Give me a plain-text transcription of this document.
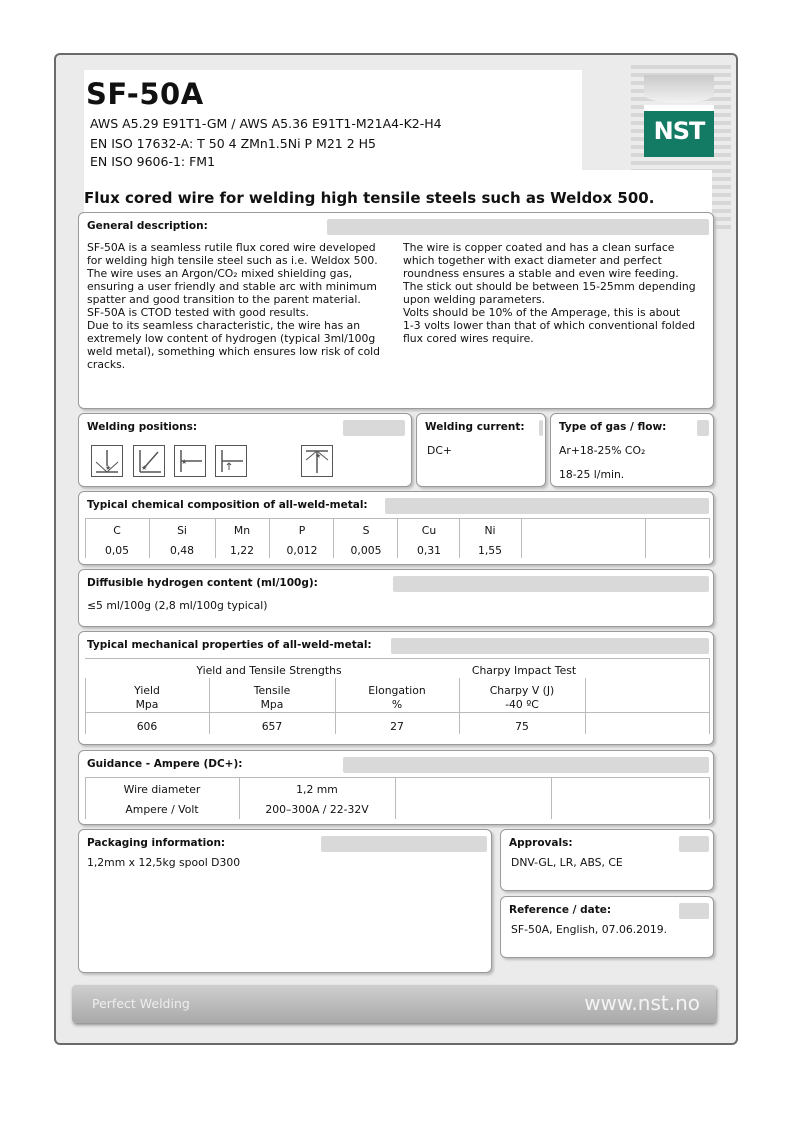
SF-50A
AWS A5.29 E91T1-GM / AWS A5.36 E91T1-M21A4-K2-H4
EN ISO 17632-A: T 50 4 ZMn1.5Ni P M21 2 H5
EN ISO 9606-1: FM1
NST
Flux cored wire for welding high tensile steels such as Weldox 500.
General description:
SF-50A is a seamless rutile flux cored wire developed
for welding high tensile steel such as i.e. Weldox 500.
The wire uses an Argon/CO₂ mixed shielding gas,
ensuring a user friendly and stable arc with minimum
spatter and good transition to the parent material.
SF-50A is CTOD tested with good results.
Due to its seamless characteristic, the wire has an
extremely low content of hydrogen (typical 3ml/100g
weld metal), something which ensures low risk of cold
cracks.
The wire is copper coated and has a clean surface
which together with exact diameter and perfect
roundness ensures a stable and even wire feeding.
The stick out should be between 15-25mm depending
upon welding parameters.
Volts should be 10% of the Amperage, this is about
1-3 volts lower than that of which conventional folded
flux cored wires require.
Welding positions:
★	★
★
★
Welding current:
DC+
Type of gas / flow:
Ar+18-25% CO₂
18-25 l/min.
Typical chemical composition of all-weld-metal:
C	Si	Mn	P	S	Cu	Ni
0,05	0,48	1,22	0,012	0,005	0,31	1,55
Diffusible hydrogen content (ml/100g):
≤5 ml/100g (2,8 ml/100g typical)
Typical mechanical properties of all-weld-metal:
Yield and Tensile Strengths	Charpy Impact Test
Yield	Tensile	Elongation	Charpy V (J)
Mpa	Mpa	%	-40 ºC
606	657	27	75
Guidance - Ampere (DC+):
Wire diameter	1,2 mm
Ampere / Volt	200–300A / 22-32V
Packaging information:
1,2mm x 12,5kg spool D300
Approvals:
DNV-GL, LR, ABS, CE
Reference / date:
SF-50A, English, 07.06.2019.
Perfect Welding	www.nst.no
